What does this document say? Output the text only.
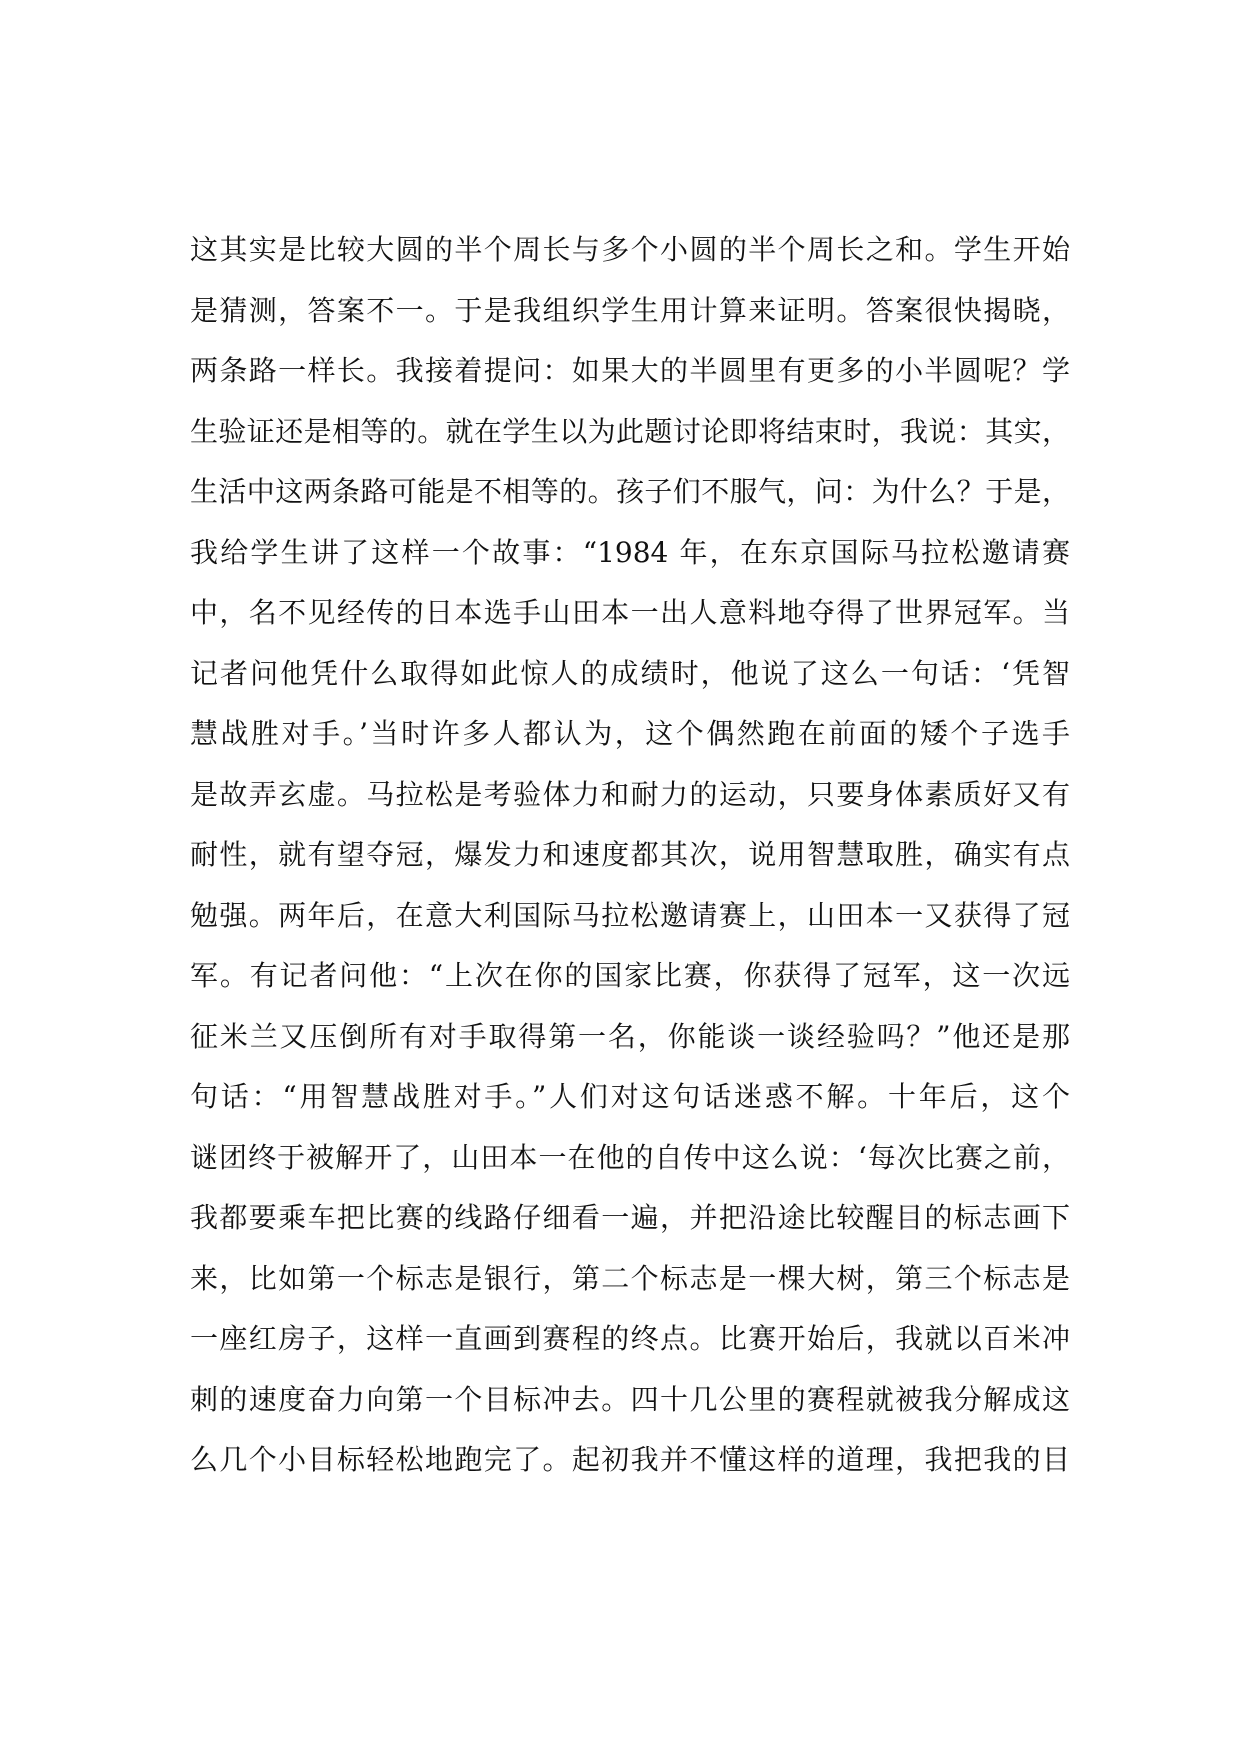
这其实是比较大圆的半个周长与多个小圆的半个周长之和。学生开始
是猜测，答案不一。于是我组织学生用计算来证明。答案很快揭晓，
两条路一样长。我接着提问：如果大的半圆里有更多的小半圆呢？学
生验证还是相等的。就在学生以为此题讨论即将结束时，我说：其实，
生活中这两条路可能是不相等的。孩子们不服气，问：为什么？于是，
我给学生讲了这样一个故事：“1984 年，在东京国际马拉松邀请赛
中，名不见经传的日本选手山田本一出人意料地夺得了世界冠军。当
记者问他凭什么取得如此惊人的成绩时，他说了这么一句话：‘凭智
慧战胜对手。’当时许多人都认为，这个偶然跑在前面的矮个子选手
是故弄玄虚。马拉松是考验体力和耐力的运动，只要身体素质好又有
耐性，就有望夺冠，爆发力和速度都其次，说用智慧取胜，确实有点
勉强。两年后，在意大利国际马拉松邀请赛上，山田本一又获得了冠
军。有记者问他：“上次在你的国家比赛，你获得了冠军，这一次远
征米兰又压倒所有对手取得第一名，你能谈一谈经验吗？”他还是那
句话：“用智慧战胜对手。”人们对这句话迷惑不解。十年后，这个
谜团终于被解开了，山田本一在他的自传中这么说：‘每次比赛之前，
我都要乘车把比赛的线路仔细看一遍，并把沿途比较醒目的标志画下
来，比如第一个标志是银行，第二个标志是一棵大树，第三个标志是
一座红房子，这样一直画到赛程的终点。比赛开始后，我就以百米冲
刺的速度奋力向第一个目标冲去。四十几公里的赛程就被我分解成这
么几个小目标轻松地跑完了。起初我并不懂这样的道理，我把我的目
